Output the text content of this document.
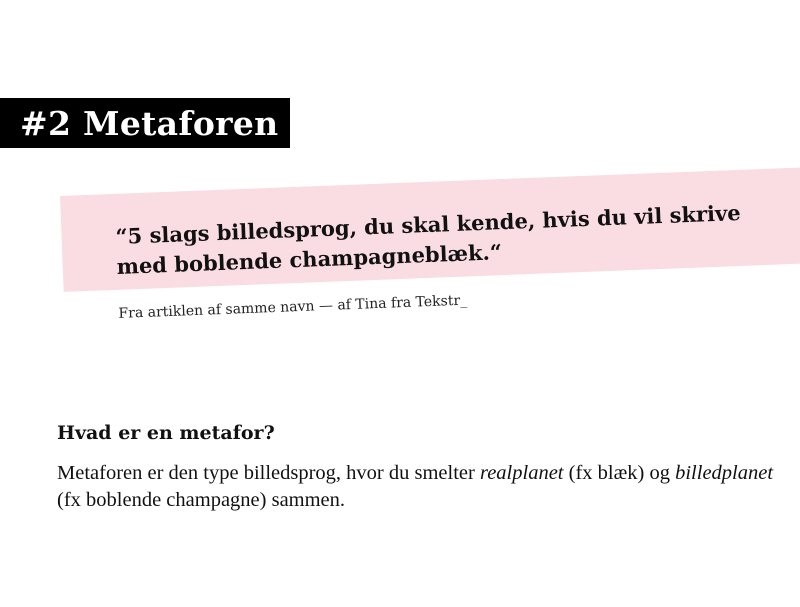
#2 Metaforen

“5 slags billedsprog, du skal kende, hvis du vil skrive med boblende champagneblæk.“

Fra artiklen af samme navn — af Tina fra Tekstr_

Hvad er en metafor?

Metaforen er den type billedsprog, hvor du smelter realplanet (fx blæk) og billedplanet (fx boblende champagne) sammen.
